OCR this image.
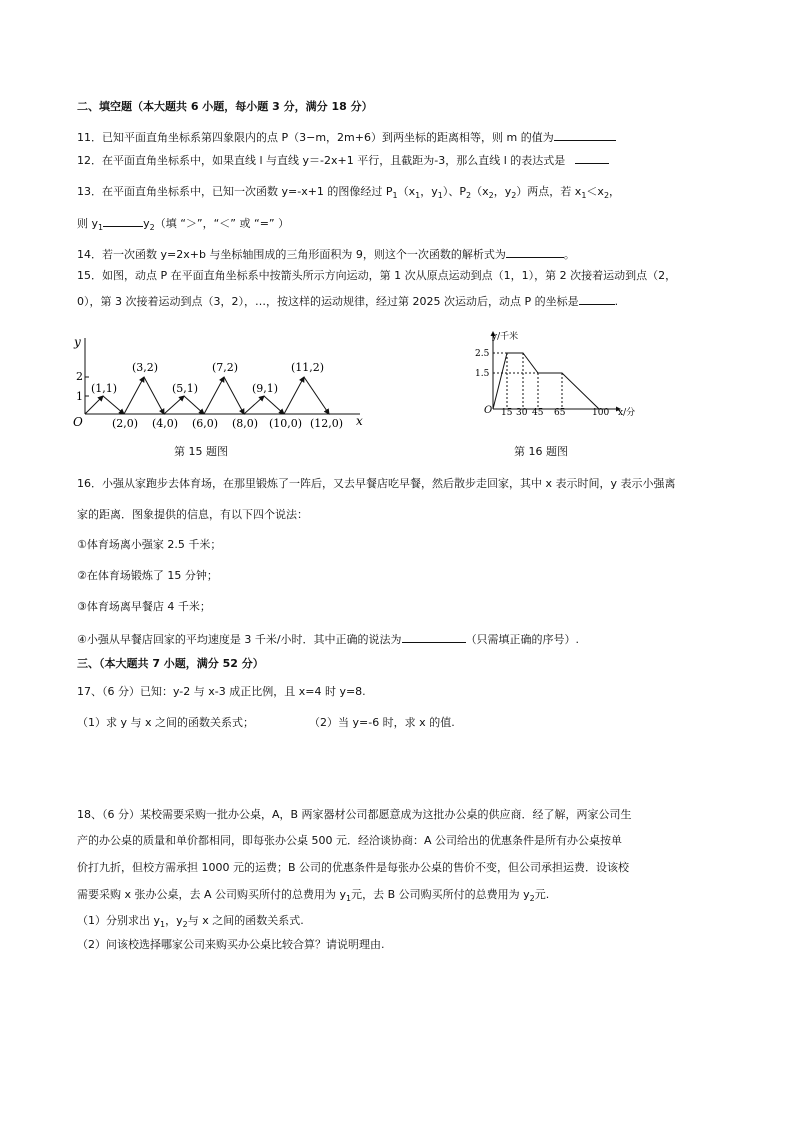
二、填空题（本大题共 6 小题，每小题 3 分，满分 18 分）
11．已知平面直角坐标系第四象限内的点 P（3−m，2m+6）到两坐标的距离相等，则 m 的值为
12．在平面直角坐标系中，如果直线 l 与直线 y＝-2x+1 平行，且截距为-3，那么直线 l 的表达式是
13．在平面直角坐标系中，已知一次函数 y=-x+1 的图像经过 $P_1(x_1$，$y_1$）、$P_2(x_2$，$y_2$）两点，若 $x_1<x_2$，
则 $y_1$	$y_2$（填 “＞”，“＜” 或 “=” ）
14．若一次函数 y=2x+b 与坐标轴围成的三角形面积为 9，则这个一次函数的解析式为	。
15．如图，动点 P 在平面直角坐标系中按箭头所示方向运动，第 1 次从原点运动到点（1，1），第 2 次接着运动到点（2，
0），第 3 次接着运动到点（3，2），…，按这样的运动规律，经过第 2025 次运动后，动点 P 的坐标是	.
x
y
O
1
2
(1,1)
(3,2)
(5,1)
(7,2)
(9,1)
(11,2)
(2,0) (4,0) (6,0) (8,0) (10,0) (12,0)
第 15 题图
y/千米
x/分
O
1.5
2.5
15 30 45 65	100
第 16 题图
16．小强从家跑步去体育场，在那里锻炼了一阵后，又去早餐店吃早餐，然后散步走回家，其中 x 表示时间，y 表示小强离
家的距离．图象提供的信息，有以下四个说法：
①体育场离小强家 2.5 千米；
②在体育场锻炼了 15 分钟；
③体育场离早餐店 4 千米；
④小强从早餐店回家的平均速度是 3 千米/小时．其中正确的说法为	（只需填正确的序号）.
三、（本大题共 7 小题，满分 52 分）
17、（6 分）已知：y-2 与 x-3 成正比例，且 x=4 时 y=8.
（1）求 y 与 x 之间的函数关系式；	（2）当 y=-6 时，求 x 的值.
18、（6 分）某校需要采购一批办公桌，A，B 两家器材公司都愿意成为这批办公桌的供应商．经了解，两家公司生
产的办公桌的质量和单价都相同，即每张办公桌 500 元．经洽谈协商：A 公司给出的优惠条件是所有办公桌按单
价打九折，但校方需承担 1000 元的运费；B 公司的优惠条件是每张办公桌的售价不变，但公司承担运费．设该校
需要采购 x 张办公桌，去 A 公司购买所付的总费用为 $y_1$元，去 B 公司购买所付的总费用为 $y_2$元.
（1）分别求出 $y_1$，$y_2$与 x 之间的函数关系式.
（2）问该校选择哪家公司来购买办公桌比较合算？请说明理由.
